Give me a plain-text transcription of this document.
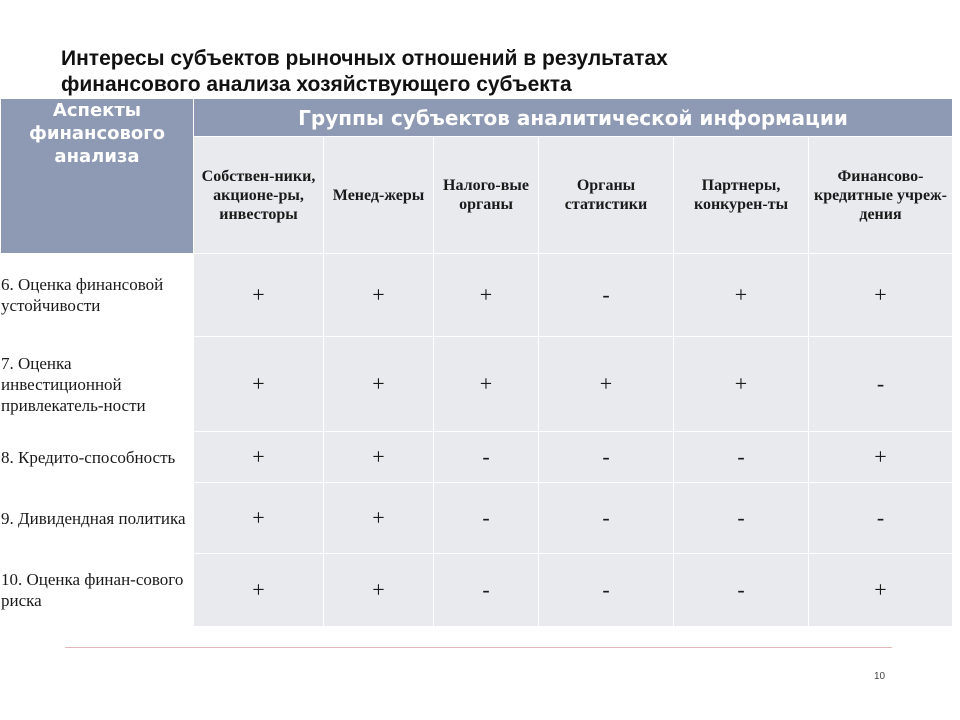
Интересы субъектов рыночных отношений в результатах
финансового анализа хозяйствующего субъекта
Аспекты финансового анализа	Группы субъектов аналитической информации					
	Собствен-ники, акционе-ры, инвесторы	Менед-жеры	Налого-вые органы	Органы статистики	Партнеры, конкурен-ты	Финансово-кредитные учреж-дения
6. Оценка финансовой устойчивости	+	+	+	-	+	+
7. Оценка инвестиционной привлекатель-ности	+	+	+	+	+	-
8. Кредито-способность	+	+	-	-	-	+
9. Дивидендная политика	+	+	-	-	-	-
10. Оценка финан-сового риска	+	+	-	-	-	+
10
